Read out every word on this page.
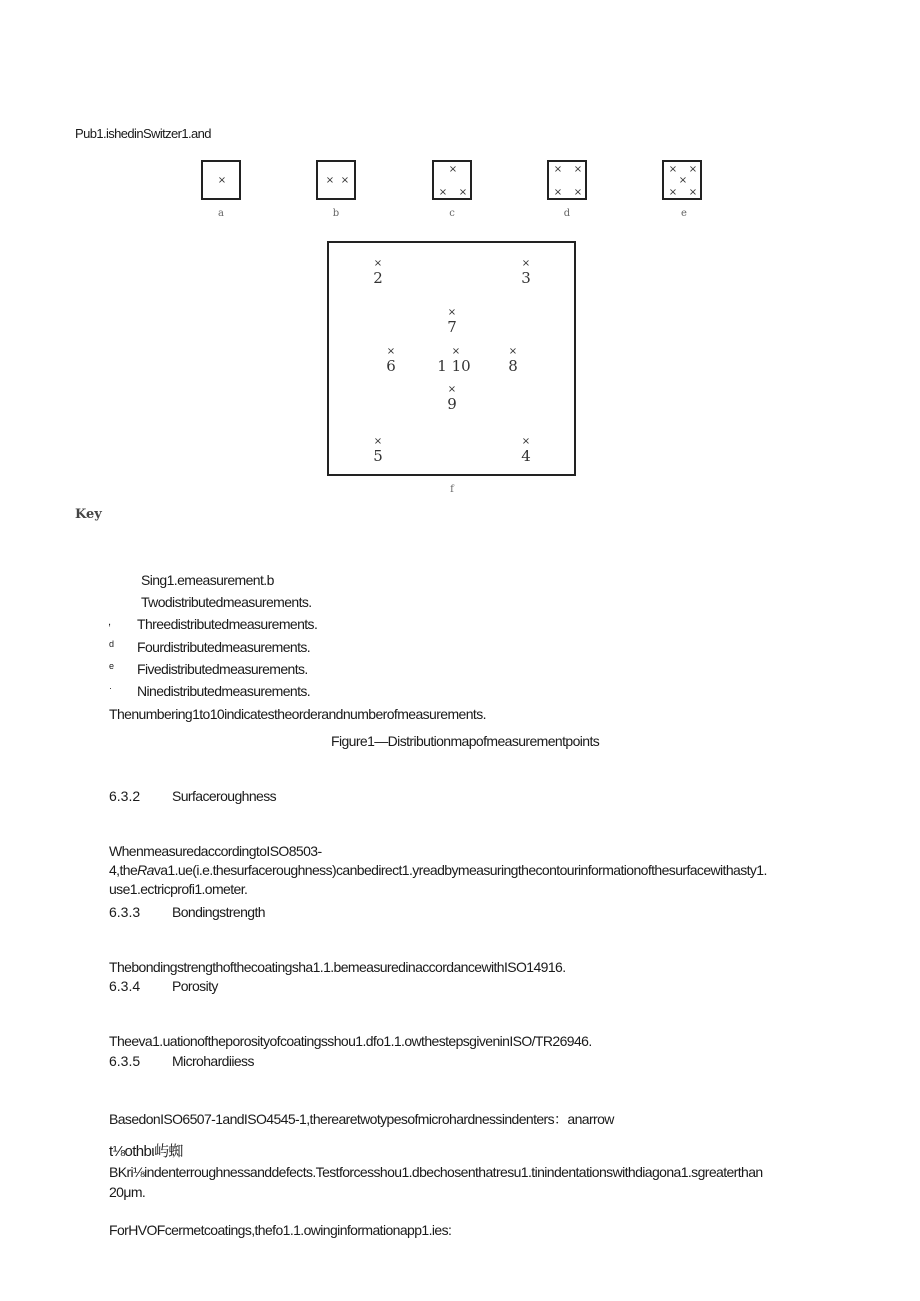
Pub1.ishedinSwitzer1.and
×
a
× ×
b
×
× ×
c
× ×
× ×
d
× ×
×
× ×
e
×
2
×
3
×
7
×
6
×
1 10
×
8
×
9
×
5
×
4
f
Key
Sing1.emeasurement.b
Twodistributedmeasurements.
, Threedistributedmeasurements.
d Fourdistributedmeasurements.
e Fivedistributedmeasurements.
· Ninedistributedmeasurements.
Thenumbering1to10indicatestheorderandnumberofmeasurements.
Figure1—Distributionmapofmeasurementpoints
6.3.2 Surfaceroughness
WhenmeasuredaccordingtoISO8503-
4,theRava1.ue(i.e.thesurfaceroughness)canbedirect1.yreadbymeasuringthecontourinformationofthesurfacewithasty1.
use1.ectricprofi1.ometer.
6.3.3 Bondingstrength
Thebondingstrengthofthecoatingsha1.1.bemeasuredinaccordancewithISO14916.
6.3.4 Porosity
Theeva1.uationoftheporosityofcoatingsshou1.dfo1.1.owthestepsgiveninISO/TR26946.
6.3.5 Microhardiiess
BasedonISO6507-1andISO4545-1,therearetwotypesofmicrohardnessindenters：anarrow
t⅛othbι屿蜘
BKri⅛indenterroughnessanddefects.Testforcesshou1.dbechosenthatresu1.tinindentationswithdiagona1.sgreaterthan
20μm.
ForHVOFcermetcoatings,thefo1.1.owinginformationapp1.ies:
